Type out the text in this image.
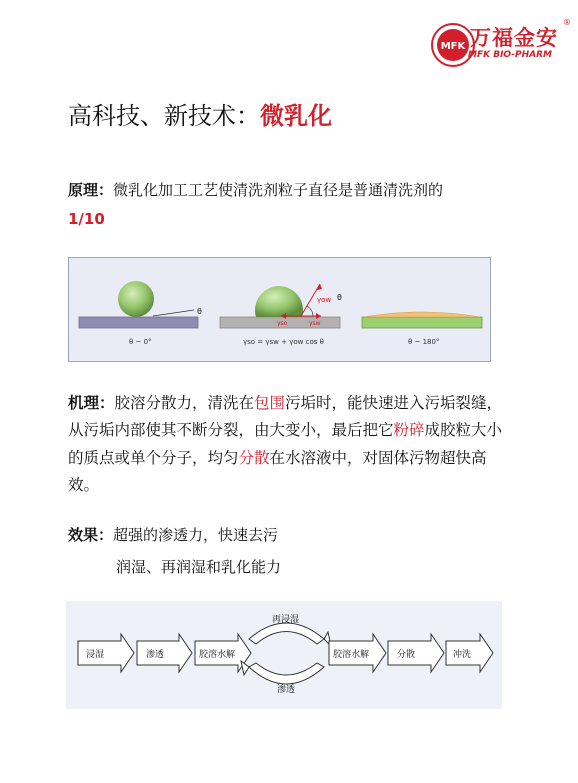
MFK 万福金安
®
MFK BIO-PHARM
高科技、新技术：微乳化
原理：微乳化加工工艺使清洗剂粒子直径是普通清洗剂的
1/10
θ
θ ~ 0°
γow θ
γso	γsw
γso = γsw + γow cos θ	θ ~ 180°
机理：胶溶分散力，清洗在包围污垢时，能快速进入污垢裂缝，从污垢内部使其不断分裂，由大变小，最后把它粉碎成胶粒大小的质点或单个分子，均匀分散在水溶液中，对固体污物超快高效。
效果：超强的渗透力，快速去污
润湿、再润湿和乳化能力
浸湿	渗透	胶溶水解
再浸湿
渗透
胶溶水解	分散	冲洗
